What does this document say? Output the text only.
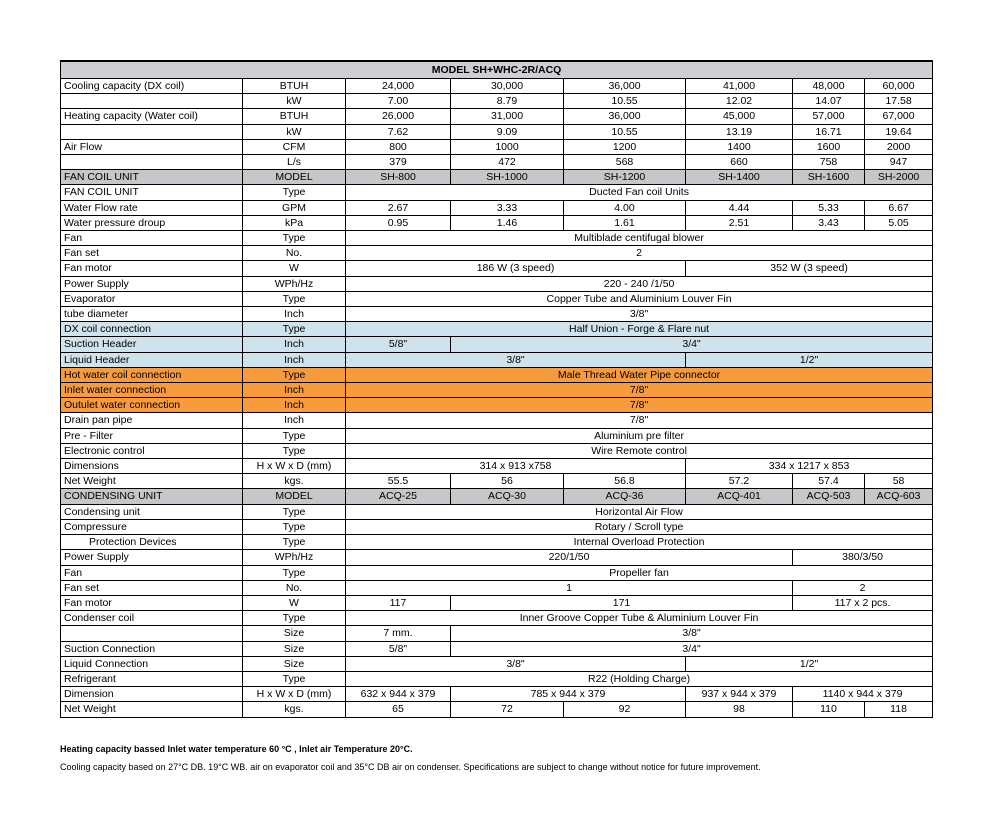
MODEL SH+WHC-2R/ACQ							
Cooling capacity (DX coil)	BTUH	24,000	30,000	36,000	41,000	48,000	60,000
	kW	7.00	8.79	10.55	12.02	14.07	17.58
Heating capacity (Water coil)	BTUH	26,000	31,000	36,000	45,000	57,000	67,000
	kW	7.62	9.09	10.55	13.19	16.71	19.64
Air Flow	CFM	800	1000	1200	1400	1600	2000
	L/s	379	472	568	660	758	947
FAN COIL UNIT	MODEL	SH-800	SH-1000	SH-1200	SH-1400	SH-1600	SH-2000
FAN COIL UNIT	Type	Ducted Fan coil Units					
Water Flow rate	GPM	2.67	3.33	4.00	4.44	5.33	6.67
Water pressure droup	kPa	0.95	1.46	1.61	2.51	3.43	5.05
Fan	Type	Multiblade centifugal blower					
Fan set	No.	2					
Fan motor	W	186 W (3 speed)			352 W (3 speed)		
Power Supply	WPh/Hz	220 - 240 /1/50					
Evaporator	Type	Copper Tube and Aluminium Louver Fin					
tube diameter	Inch	3/8"					
DX coil connection	Type	Half Union - Forge & Flare nut					
Suction Header	Inch	5/8"	3/4"				
Liquid Header	Inch	3/8"			1/2"		
Hot water coil connection	Type	Male Thread Water Pipe connector					
Inlet water connection	Inch	7/8"					
Outulet water connection	Inch	7/8"					
Drain pan pipe	Inch	7/8"					
Pre - Filter	Type	Aluminium pre filter					
Electronic control	Type	Wire Remote control					
Dimensions	H x W x D (mm)	314 x 913 x758			334 x 1217 x 853		
Net Weight	kgs.	55.5	56	56.8	57.2	57.4	58
CONDENSING UNIT	MODEL	ACQ-25	ACQ-30	ACQ-36	ACQ-401	ACQ-503	ACQ-603
Condensing unit	Type	Horizontal Air Flow					
Compressure	Type	Rotary / Scroll type					
Protection Devices	Type	Internal Overload Protection					
Power Supply	WPh/Hz	220/1/50				380/3/50	
Fan	Type	Propeller fan					
Fan set	No.	1				2	
Fan motor	W	117	171			117 x 2 pcs.	
Condenser coil	Type	Inner Groove Copper Tube & Aluminium Louver Fin					
	Size	7 mm.	3/8"				
Suction Connection	Size	5/8"	3/4"				
Liquid Connection	Size	3/8"			1/2"		
Refrigerant	Type	R22 (Holding Charge)					
Dimension	H x W x D (mm)	632 x 944 x 379	785 x 944 x 379		937 x 944 x 379	1140 x 944 x 379	
Net Weight	kgs.	65	72	92	98	110	118
Heating capacity bassed Inlet water temperature 60 °C , Inlet air Temperature 20°C.
Cooling capacity based on 27°C DB. 19°C WB. air on evaporator coil and 35°C DB air on condenser. Specifications are subject to change without notice for future improvement.
